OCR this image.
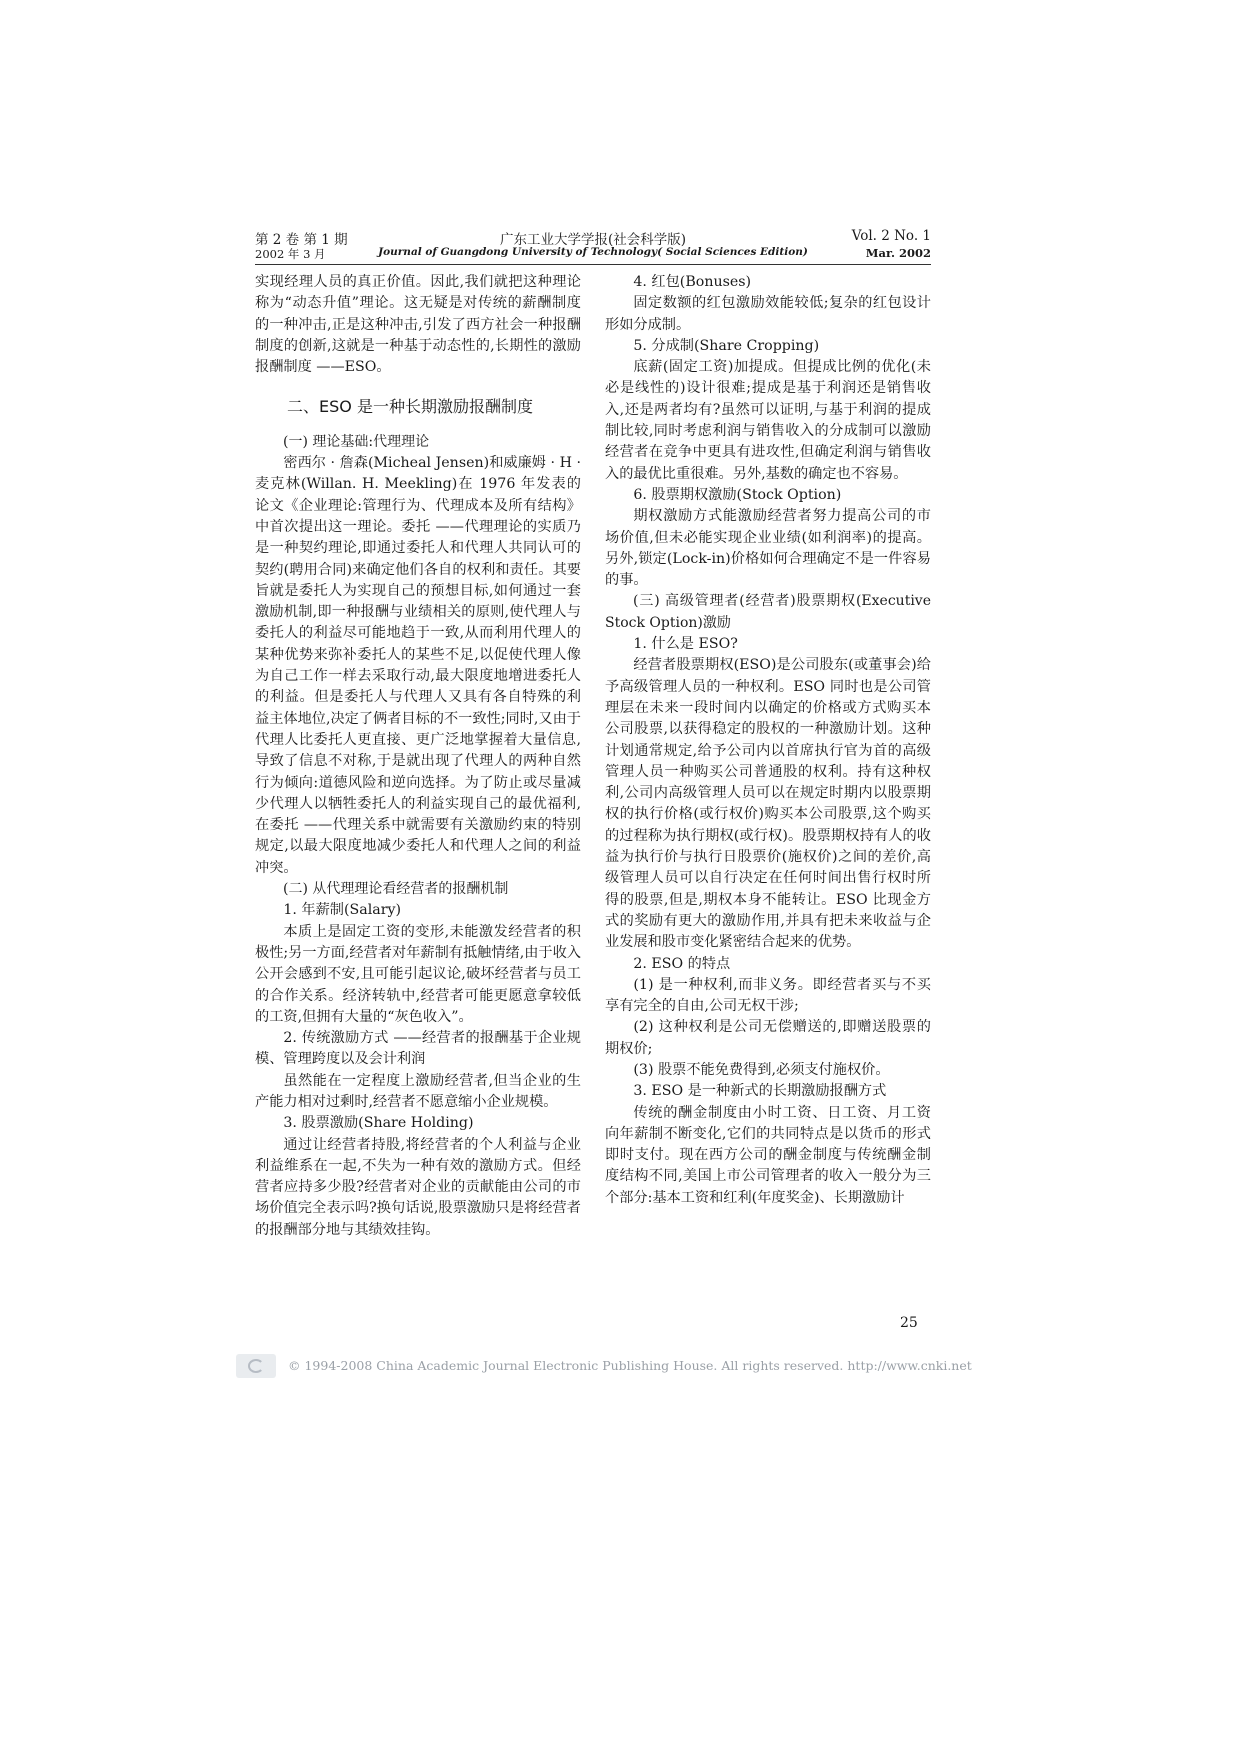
第 2 卷 第 1 期	广东工业大学学报(社会科学版)	Vol. 2 No. 1
2002 年 3 月	Journal of Guangdong University of Technology( Social Sciences Edition)	Mar. 2002

实现经理人员的真正价值。因此,我们就把这种理论称为“动态升值”理论。这无疑是对传统的薪酬制度的一种冲击,正是这种冲击,引发了西方社会一种报酬制度的创新,这就是一种基于动态性的,长期性的激励报酬制度 ——ESO。

二、ESO 是一种长期激励报酬制度
(一) 理论基础:代理理论

密西尔 · 詹森(Micheal Jensen)和威廉姆 · H · 麦克林(Willan. H. Meekling)在 1976 年发表的论文《企业理论:管理行为、代理成本及所有结构》中首次提出这一理论。委托 ——代理理论的实质乃是一种契约理论,即通过委托人和代理人共同认可的契约(聘用合同)来确定他们各自的权利和责任。其要旨就是委托人为实现自己的预想目标,如何通过一套激励机制,即一种报酬与业绩相关的原则,使代理人与委托人的利益尽可能地趋于一致,从而利用代理人的某种优势来弥补委托人的某些不足,以促使代理人像为自己工作一样去采取行动,最大限度地增进委托人的利益。但是委托人与代理人又具有各自特殊的利益主体地位,决定了俩者目标的不一致性;同时,又由于代理人比委托人更直接、更广泛地掌握着大量信息,导致了信息不对称,于是就出现了代理人的两种自然行为倾向:道德风险和逆向选择。为了防止或尽量减少代理人以牺牲委托人的利益实现自己的最优福利,在委托 ——代理关系中就需要有关激励约束的特别规定,以最大限度地减少委托人和代理人之间的利益冲突。

(二) 从代理理论看经营者的报酬机制

1. 年薪制(Salary)

本质上是固定工资的变形,未能激发经营者的积极性;另一方面,经营者对年薪制有抵触情绪,由于收入公开会感到不安,且可能引起议论,破坏经营者与员工的合作关系。经济转轨中,经营者可能更愿意拿较低的工资,但拥有大量的“灰色收入”。

2. 传统激励方式 ——经营者的报酬基于企业规模、管理跨度以及会计利润

虽然能在一定程度上激励经营者,但当企业的生产能力相对过剩时,经营者不愿意缩小企业规模。

3. 股票激励(Share Holding)

通过让经营者持股,将经营者的个人利益与企业利益维系在一起,不失为一种有效的激励方式。但经营者应持多少股?经营者对企业的贡献能由公司的市场价值完全表示吗?换句话说,股票激励只是将经营者的报酬部分地与其绩效挂钩。

4. 红包(Bonuses)

固定数额的红包激励效能较低;复杂的红包设计形如分成制。

5. 分成制(Share Cropping)

底薪(固定工资)加提成。但提成比例的优化(未必是线性的)设计很难;提成是基于利润还是销售收入,还是两者均有?虽然可以证明,与基于利润的提成制比较,同时考虑利润与销售收入的分成制可以激励经营者在竞争中更具有进攻性,但确定利润与销售收入的最优比重很难。另外,基数的确定也不容易。

6. 股票期权激励(Stock Option)

期权激励方式能激励经营者努力提高公司的市场价值,但未必能实现企业业绩(如利润率)的提高。另外,锁定(Lock-in)价格如何合理确定不是一件容易的事。

(三) 高级管理者(经营者)股票期权(Executive Stock Option)激励

1. 什么是 ESO?

经营者股票期权(ESO)是公司股东(或董事会)给予高级管理人员的一种权利。ESO 同时也是公司管理层在未来一段时间内以确定的价格或方式购买本公司股票,以获得稳定的股权的一种激励计划。这种计划通常规定,给予公司内以首席执行官为首的高级管理人员一种购买公司普通股的权利。持有这种权利,公司内高级管理人员可以在规定时期内以股票期权的执行价格(或行权价)购买本公司股票,这个购买的过程称为执行期权(或行权)。股票期权持有人的收益为执行价与执行日股票价(施权价)之间的差价,高级管理人员可以自行决定在任何时间出售行权时所得的股票,但是,期权本身不能转让。ESO 比现金方式的奖励有更大的激励作用,并具有把未来收益与企业发展和股市变化紧密结合起来的优势。

2. ESO 的特点

(1) 是一种权利,而非义务。即经营者买与不买享有完全的自由,公司无权干涉;

(2) 这种权利是公司无偿赠送的,即赠送股票的期权价;

(3) 股票不能免费得到,必须支付施权价。

3. ESO 是一种新式的长期激励报酬方式

传统的酬金制度由小时工资、日工资、月工资向年薪制不断变化,它们的共同特点是以货币的形式即时支付。现在西方公司的酬金制度与传统酬金制度结构不同,美国上市公司管理者的收入一般分为三个部分:基本工资和红利(年度奖金)、长期激励计

25
© 1994-2008 China Academic Journal Electronic Publishing House. All rights reserved. http://www.cnki.net
